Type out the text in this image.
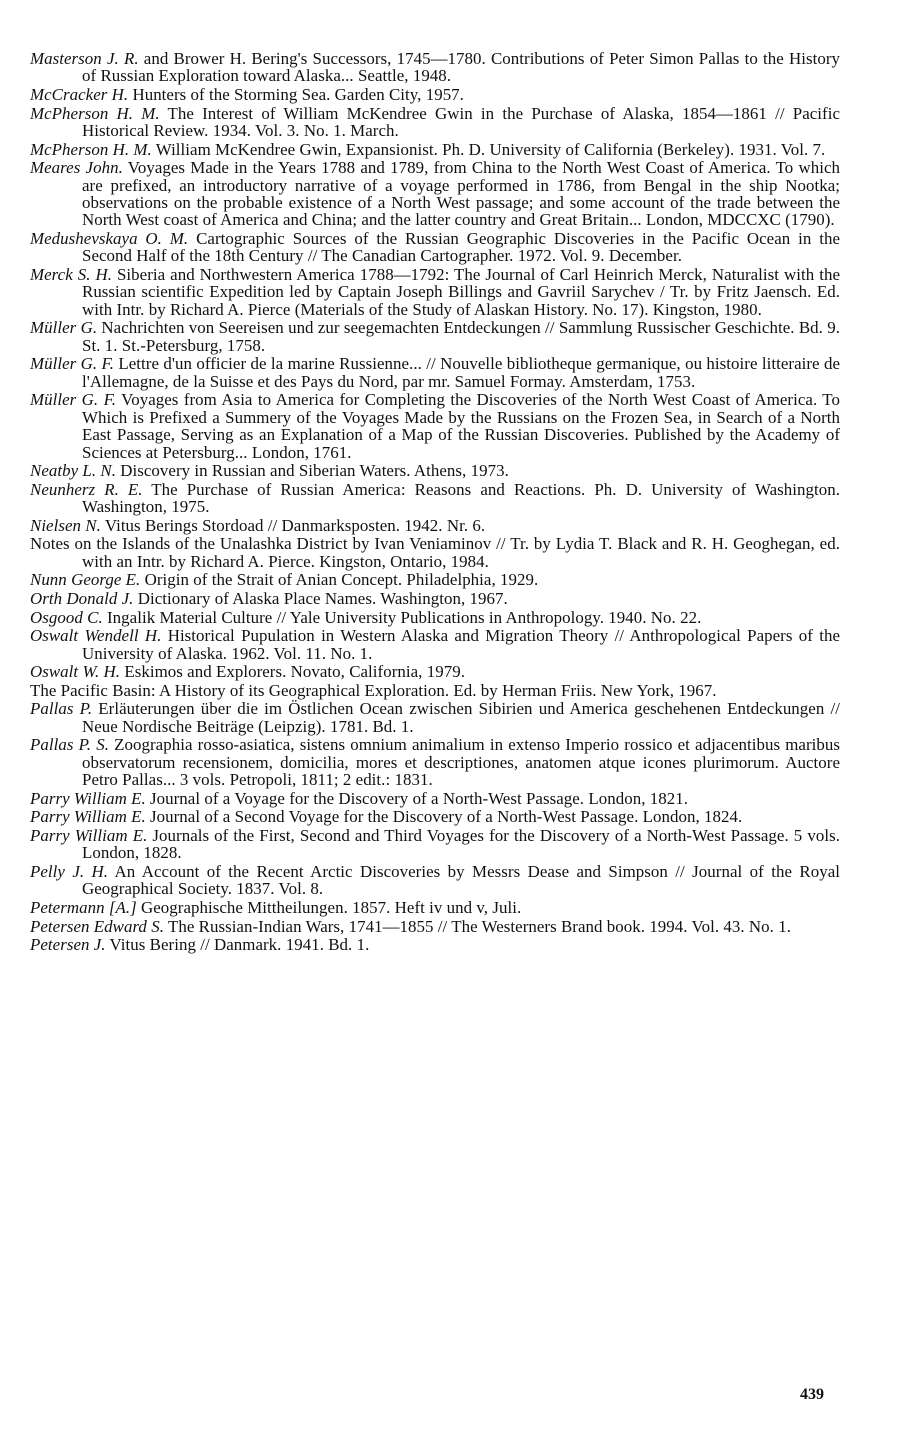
Masterson J. R. and Brower H. Bering's Successors, 1745—1780. Contributions of Peter Simon Pallas to the History of Russian Exploration toward Alaska... Seattle, 1948.

McCracker H. Hunters of the Storming Sea. Garden City, 1957.

McPherson H. M. The Interest of William McKendree Gwin in the Purchase of Alaska, 1854—1861 // Pacific Historical Review. 1934. Vol. 3. No. 1. March.

McPherson H. M. William McKendree Gwin, Expansionist. Ph. D. University of California (Berkeley). 1931. Vol. 7.

Meares John. Voyages Made in the Years 1788 and 1789, from China to the North West Coast of America. To which are prefixed, an introductory narrative of a voyage performed in 1786, from Bengal in the ship Nootka; observations on the probable existence of a North West passage; and some account of the trade between the North West coast of America and China; and the latter country and Great Britain... London, MDCCXC (1790).

Medushevskaya O. M. Cartographic Sources of the Russian Geographic Discoveries in the Pacific Ocean in the Second Half of the 18th Century // The Canadian Cartographer. 1972. Vol. 9. December.

Merck S. H. Siberia and Northwestern America 1788—1792: The Journal of Carl Heinrich Merck, Naturalist with the Russian scientific Expedition led by Captain Joseph Billings and Gavriil Sarychev / Tr. by Fritz Jaensch. Ed. with Intr. by Richard A. Pierce (Materials of the Study of Alaskan History. No. 17). Kingston, 1980.

Müller G. Nachrichten von Seereisen und zur seegemachten Entdeckungen // Sammlung Russischer Geschichte. Bd. 9. St. 1. St.-Petersburg, 1758.

Müller G. F. Lettre d'un officier de la marine Russienne... // Nouvelle bibliotheque germanique, ou histoire litteraire de l'Allemagne, de la Suisse et des Pays du Nord, par mr. Samuel Formay. Amsterdam, 1753.

Müller G. F. Voyages from Asia to America for Completing the Discoveries of the North West Coast of America. To Which is Prefixed a Summery of the Voyages Made by the Russians on the Frozen Sea, in Search of a North East Passage, Serving as an Explanation of a Map of the Russian Discoveries. Published by the Academy of Sciences at Petersburg... London, 1761.

Neatby L. N. Discovery in Russian and Siberian Waters. Athens, 1973.

Neunherz R. E. The Purchase of Russian America: Reasons and Reactions. Ph. D. University of Washington. Washington, 1975.

Nielsen N. Vitus Berings Stordoad // Danmarksposten. 1942. Nr. 6.

Notes on the Islands of the Unalashka District by Ivan Veniaminov // Tr. by Lydia T. Black and R. H. Geoghegan, ed. with an Intr. by Richard A. Pierce. Kingston, Ontario, 1984.

Nunn George E. Origin of the Strait of Anian Concept. Philadelphia, 1929.

Orth Donald J. Dictionary of Alaska Place Names. Washington, 1967.

Osgood C. Ingalik Material Culture // Yale University Publications in Anthropology. 1940. No. 22.

Oswalt Wendell H. Historical Pupulation in Western Alaska and Migration Theory // Anthropological Papers of the University of Alaska. 1962. Vol. 11. No. 1.

Oswalt W. H. Eskimos and Explorers. Novato, California, 1979.

The Pacific Basin: A History of its Geographical Exploration. Ed. by Herman Friis. New York, 1967.

Pallas P. Erläuterungen über die im Östlichen Ocean zwischen Sibirien und America geschehenen Entdeckungen // Neue Nordische Beiträge (Leipzig). 1781. Bd. 1.

Pallas P. S. Zoographia rosso-asiatica, sistens omnium animalium in extenso Imperio rossico et adjacentibus maribus observatorum recensionem, domicilia, mores et descriptiones, anatomen atque icones plurimorum. Auctore Petro Pallas... 3 vols. Petropoli, 1811; 2 edit.: 1831.

Parry William E. Journal of a Voyage for the Discovery of a North-West Passage. London, 1821.

Parry William E. Journal of a Second Voyage for the Discovery of a North-West Passage. London, 1824.

Parry William E. Journals of the First, Second and Third Voyages for the Discovery of a North-West Passage. 5 vols. London, 1828.

Pelly J. H. An Account of the Recent Arctic Discoveries by Messrs Dease and Simpson // Journal of the Royal Geographical Society. 1837. Vol. 8.

Petermann [A.] Geographische Mittheilungen. 1857. Heft iv und v, Juli.

Petersen Edward S. The Russian-Indian Wars, 1741—1855 // The Westerners Brand book. 1994. Vol. 43. No. 1.

Petersen J. Vitus Bering // Danmark. 1941. Bd. 1.

439
